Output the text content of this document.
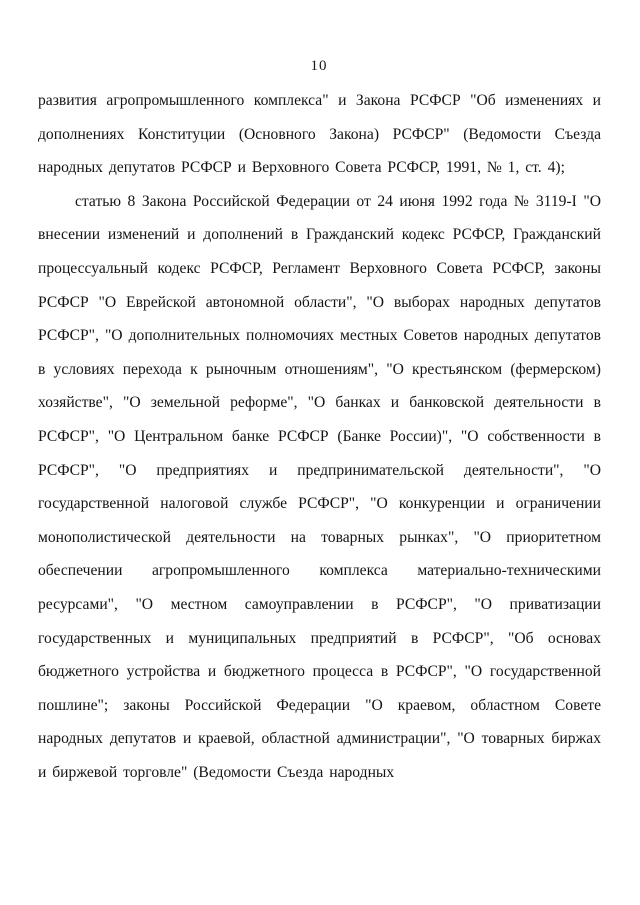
10

развития агропромышленного комплекса" и Закона РСФСР "Об изменениях и дополнениях Конституции (Основного Закона) РСФСР" (Ведомости Съезда народных депутатов РСФСР и Верховного Совета РСФСР, 1991, № 1, ст. 4);

статью 8 Закона Российской Федерации от 24 июня 1992 года № 3119-I "О внесении изменений и дополнений в Гражданский кодекс РСФСР, Гражданский процессуальный кодекс РСФСР, Регламент Верховного Совета РСФСР, законы РСФСР "О Еврейской автономной области", "О выборах народных депутатов РСФСР", "О дополнительных полномочиях местных Советов народных депутатов в условиях перехода к рыночным отношениям", "О крестьянском (фермерском) хозяйстве", "О земельной реформе", "О банках и банковской деятельности в РСФСР", "О Центральном банке РСФСР (Банке России)", "О собственности в РСФСР", "О предприятиях и предпринимательской деятельности", "О государственной налоговой службе РСФСР", "О конкуренции и ограничении монополистической деятельности на товарных рынках", "О приоритетном обеспечении агропромышленного комплекса материально-техническими ресурсами", "О местном самоуправлении в РСФСР", "О приватизации государственных и муниципальных предприятий в РСФСР", "Об основах бюджетного устройства и бюджетного процесса в РСФСР", "О государственной пошлине"; законы Российской Федерации "О краевом, областном Совете народных депутатов и краевой, областной администрации", "О товарных биржах и биржевой торговле" (Ведомости Съезда народных
